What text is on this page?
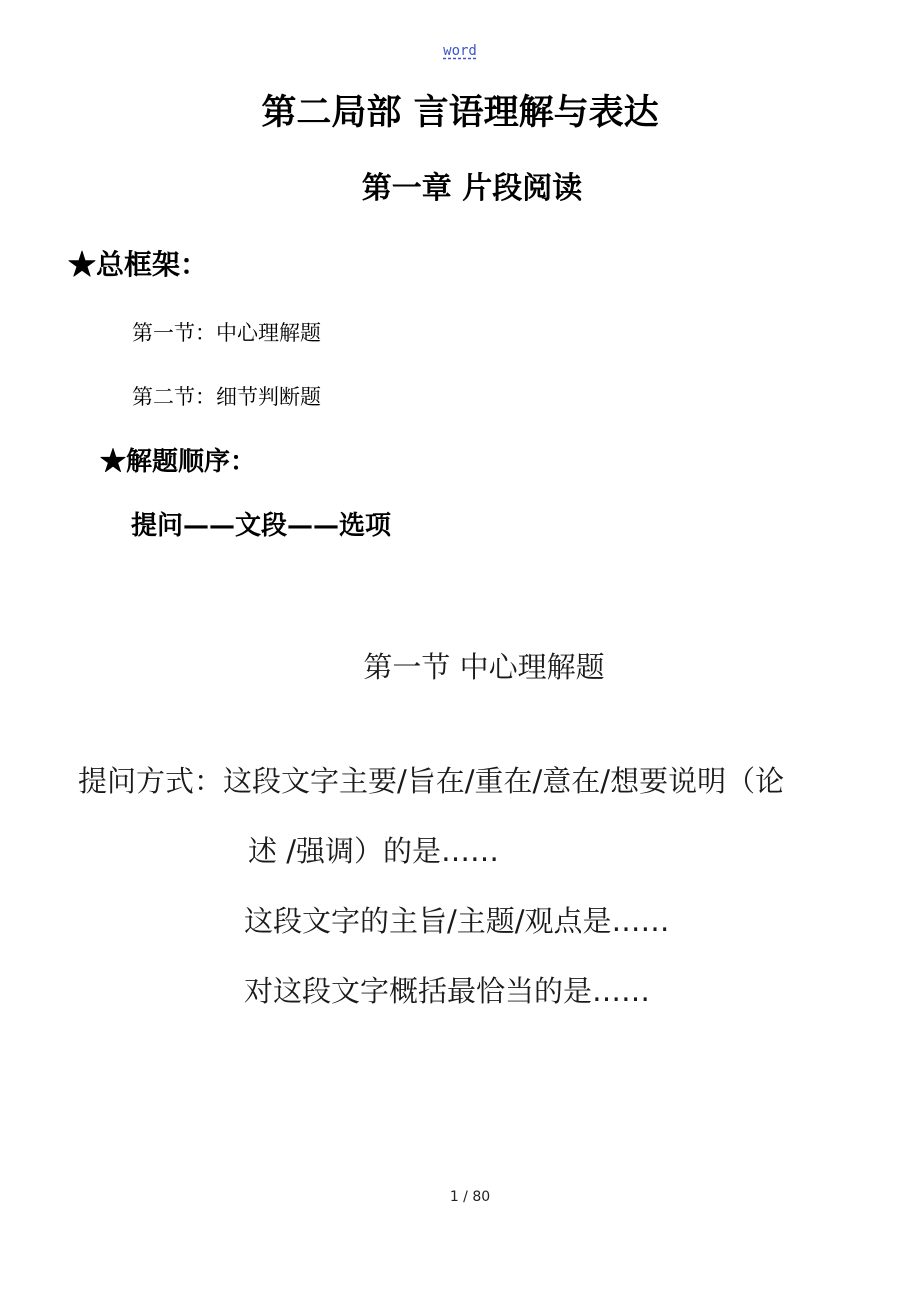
word
第二局部 言语理解与表达
第一章 片段阅读
★总框架：
第一节：中心理解题
第二节：细节判断题
★解题顺序：
提问——文段——选项
第一节 中心理解题
提问方式：这段文字主要/旨在/重在/意在/想要说明（论
述 /强调）的是……
这段文字的主旨/主题/观点是……
对这段文字概括最恰当的是……
1 / 80
